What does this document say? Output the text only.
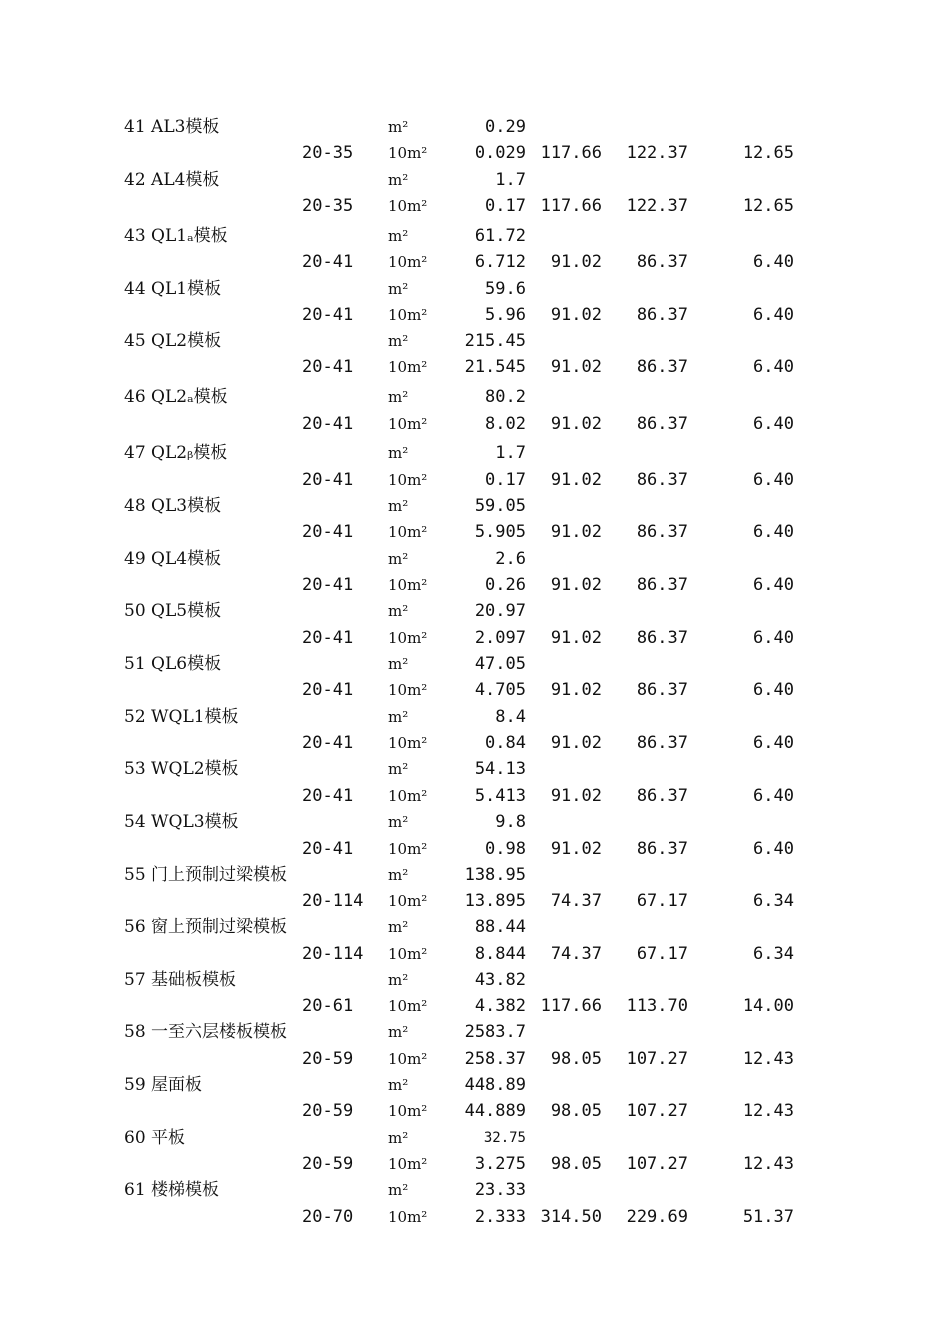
41 AL3模板	m²	0.29
20-35 10m²	0.029 117.66 122.37	12.65
42 AL4模板	m²	1.7
20-35 10m²	0.17 117.66 122.37	12.65
43 QL1ₐ模板	m²	61.72
20-41 10m²	6.712 91.02 86.37	6.40
44 QL1模板	m²	59.6
20-41 10m²	5.96 91.02 86.37	6.40
45 QL2模板	m²	215.45
20-41 10m² 21.545 91.02 86.37	6.40
46 QL2ₐ模板	m²	80.2
20-41 10m²	8.02 91.02 86.37	6.40
47 QL2ᵦ模板	m²	1.7
20-41 10m²	0.17 91.02 86.37	6.40
48 QL3模板	m²	59.05
20-41 10m²	5.905 91.02 86.37	6.40
49 QL4模板	m²	2.6
20-41 10m²	0.26 91.02 86.37	6.40
50 QL5模板	m²	20.97
20-41 10m²	2.097 91.02 86.37	6.40
51 QL6模板	m²	47.05
20-41 10m²	4.705 91.02 86.37	6.40
52 WQL1模板	m²	8.4
20-41 10m²	0.84 91.02 86.37	6.40
53 WQL2模板	m²	54.13
20-41 10m²	5.413 91.02 86.37	6.40
54 WQL3模板	m²	9.8
20-41 10m²	0.98 91.02 86.37	6.40
55 门上预制过梁模板	m²	138.95
20-114 10m² 13.895 74.37 67.17	6.34
56 窗上预制过梁模板	m²	88.44
20-114 10m²	8.844 74.37 67.17	6.34
57 基础板模板	m²	43.82
20-61 10m²	4.382 117.66 113.70	14.00
58 一至六层楼板模板	m²	2583.7
20-59 10m² 258.37 98.05 107.27	12.43
59 屋面板	m²	448.89
20-59 10m² 44.889 98.05 107.27	12.43
60 平板	m²	32.75
20-59 10m²	3.275 98.05 107.27	12.43
61 楼梯模板	m²	23.33
20-70 10m²	2.333 314.50 229.69	51.37
